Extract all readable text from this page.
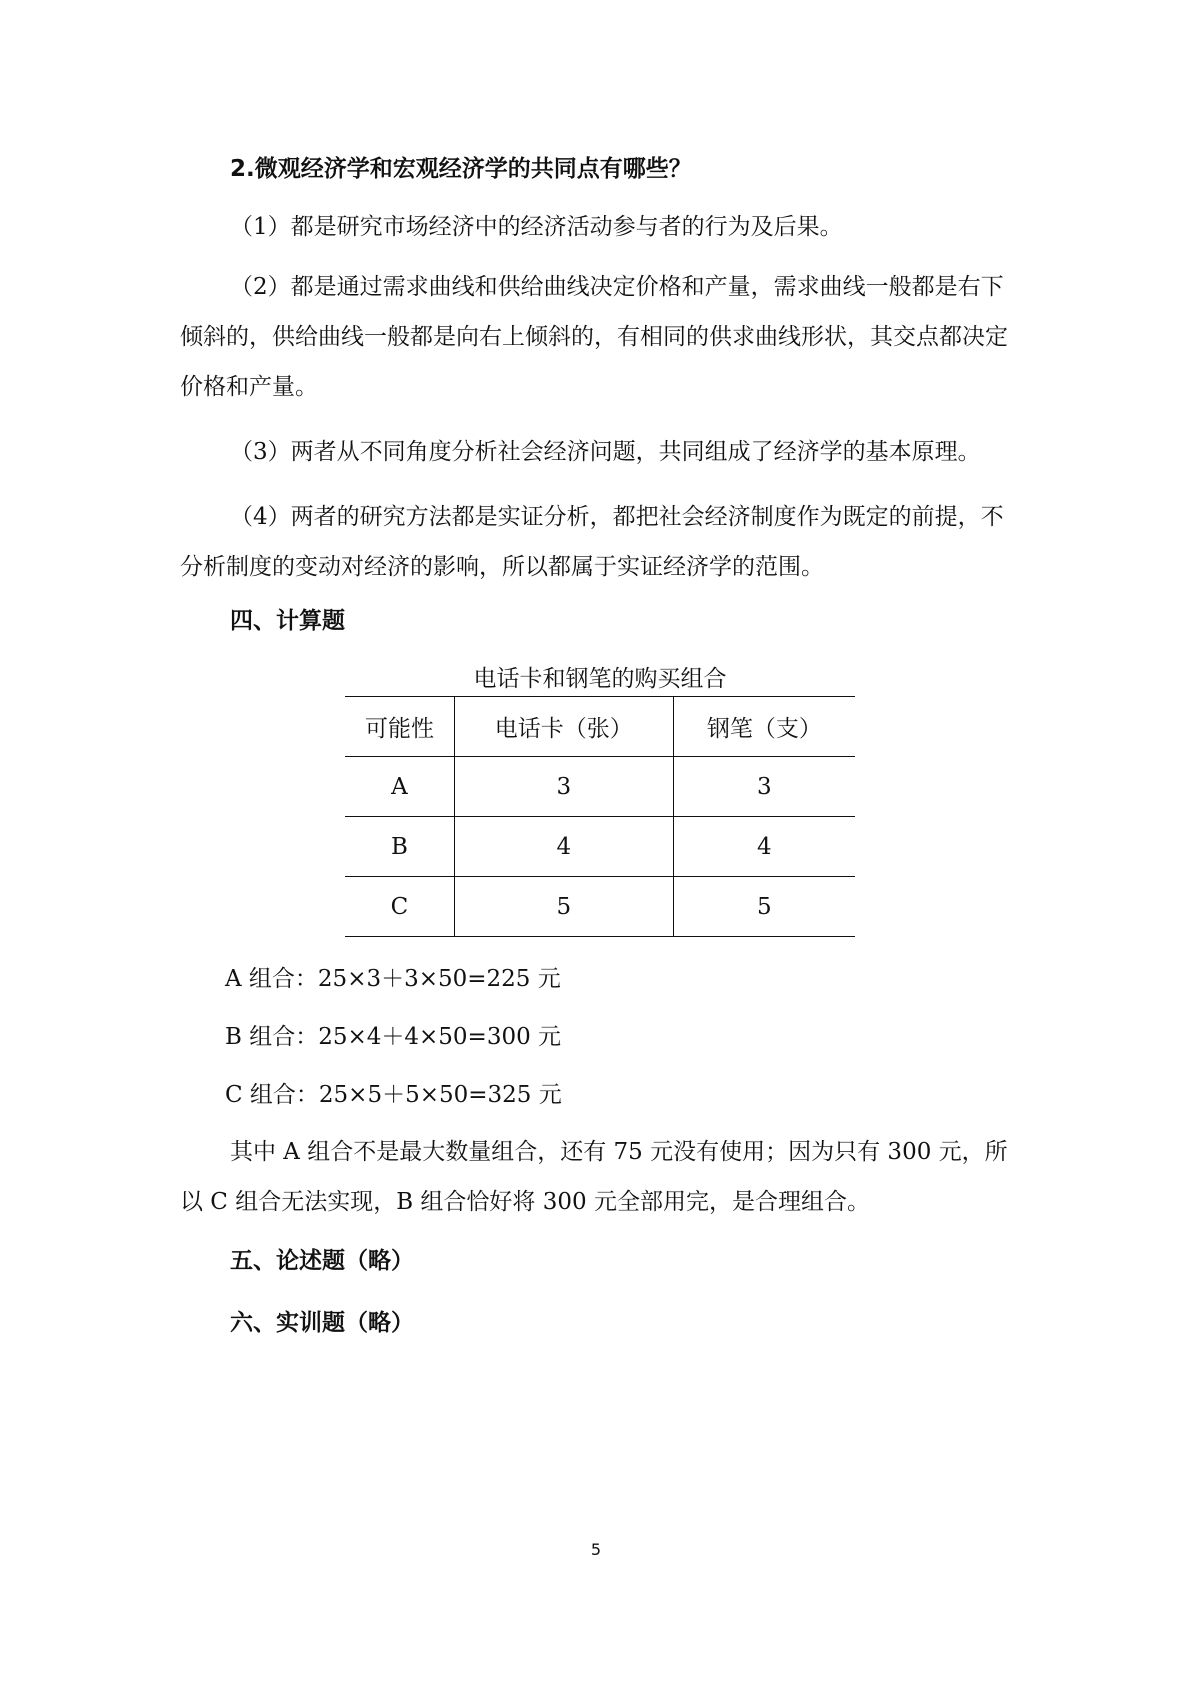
2.微观经济学和宏观经济学的共同点有哪些？
（1）都是研究市场经济中的经济活动参与者的行为及后果。
（2）都是通过需求曲线和供给曲线决定价格和产量，需求曲线一般都是右下倾斜的，供给曲线一般都是向右上倾斜的，有相同的供求曲线形状，其交点都决定价格和产量。
（3）两者从不同角度分析社会经济问题，共同组成了经济学的基本原理。
（4）两者的研究方法都是实证分析，都把社会经济制度作为既定的前提，不分析制度的变动对经济的影响，所以都属于实证经济学的范围。
四、计算题
电话卡和钢笔的购买组合
可能性	电话卡（张）	钢笔（支）
A	3	3
B	4	4
C	5	5
A 组合：25×3＋3×50=225 元
B 组合：25×4＋4×50=300 元
C 组合：25×5＋5×50=325 元
其中 A 组合不是最大数量组合，还有 75 元没有使用；因为只有 300 元，所以 C 组合无法实现，B 组合恰好将 300 元全部用完，是合理组合。
五、论述题（略）
六、实训题（略）
5
